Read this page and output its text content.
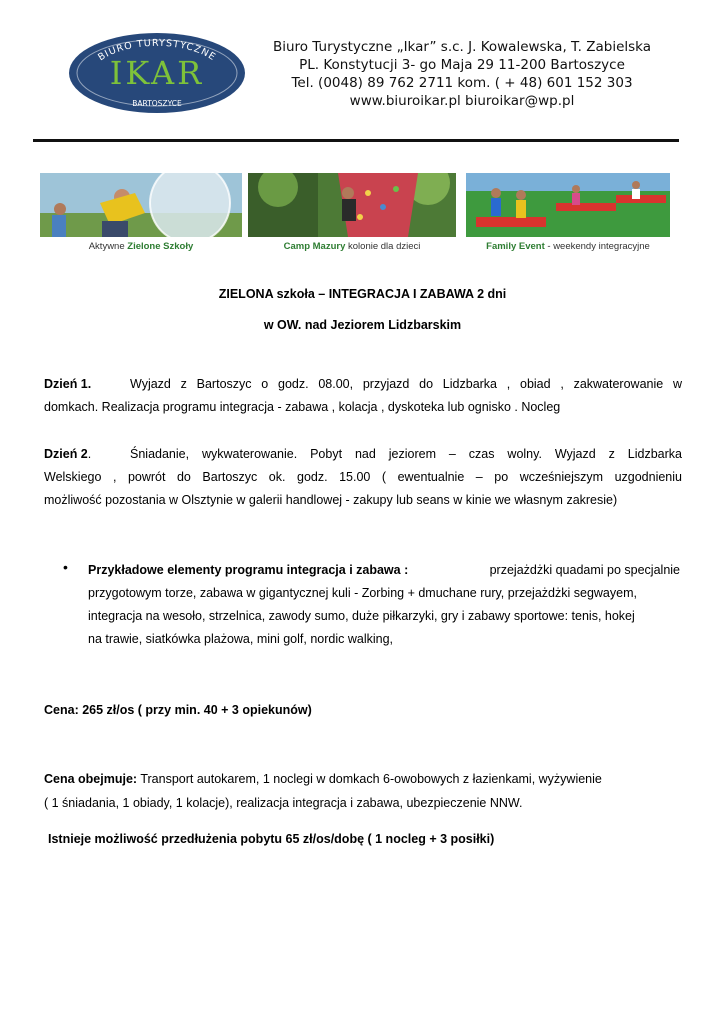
BIURO TURYSTYCZNE
IKAR
BARTOSZYCE
Biuro Turystyczne „Ikar” s.c. J. Kowalewska, T. Zabielska
PL. Konstytucji 3- go Maja 29 11-200 Bartoszyce
Tel. (0048) 89 762 2711 kom. ( + 48) 601 152 303
www.biuroikar.pl biuroikar@wp.pl
Aktywne Zielone Szkoły	Camp Mazury kolonie dla dzieci	Family Event - weekendy integracyjne
ZIELONA szkoła – INTEGRACJA I ZABAWA 2 dni
w OW. nad Jeziorem Lidzbarskim
Dzień 1.	Wyjazd z Bartoszyc o godz. 08.00, przyjazd do Lidzbarka , obiad , zakwaterowanie w
domkach. Realizacja programu integracja - zabawa , kolacja , dyskoteka lub ognisko . Nocleg
Dzień 2.	Śniadanie, wykwaterowanie. Pobyt nad jeziorem – czas wolny. Wyjazd z Lidzbarka
Welskiego , powrót do Bartoszyc ok. godz. 15.00 ( ewentualnie – po wcześniejszym uzgodnieniu
możliwość pozostania w Olsztynie w galerii handlowej - zakupy lub seans w kinie we własnym zakresie)
• Przykładowe elementy programu integracja i zabawa :	przejażdżki quadami po specjalnie
przygotowym torze, zabawa w gigantycznej kuli - Zorbing + dmuchane rury, przejażdżki segwayem,
integracja na wesoło, strzelnica, zawody sumo, duże piłkarzyki, gry i zabawy sportowe: tenis, hokej
na trawie, siatkówka plażowa, mini golf, nordic walking,
Cena: 265 zł/os ( przy min. 40 + 3 opiekunów)
Cena obejmuje: Transport autokarem, 1 noclegi w domkach 6-owobowych z łazienkami, wyżywienie
( 1 śniadania, 1 obiady, 1 kolacje), realizacja integracja i zabawa, ubezpieczenie NNW.
Istnieje możliwość przedłużenia pobytu 65 zł/os/dobę ( 1 nocleg + 3 posiłki)
